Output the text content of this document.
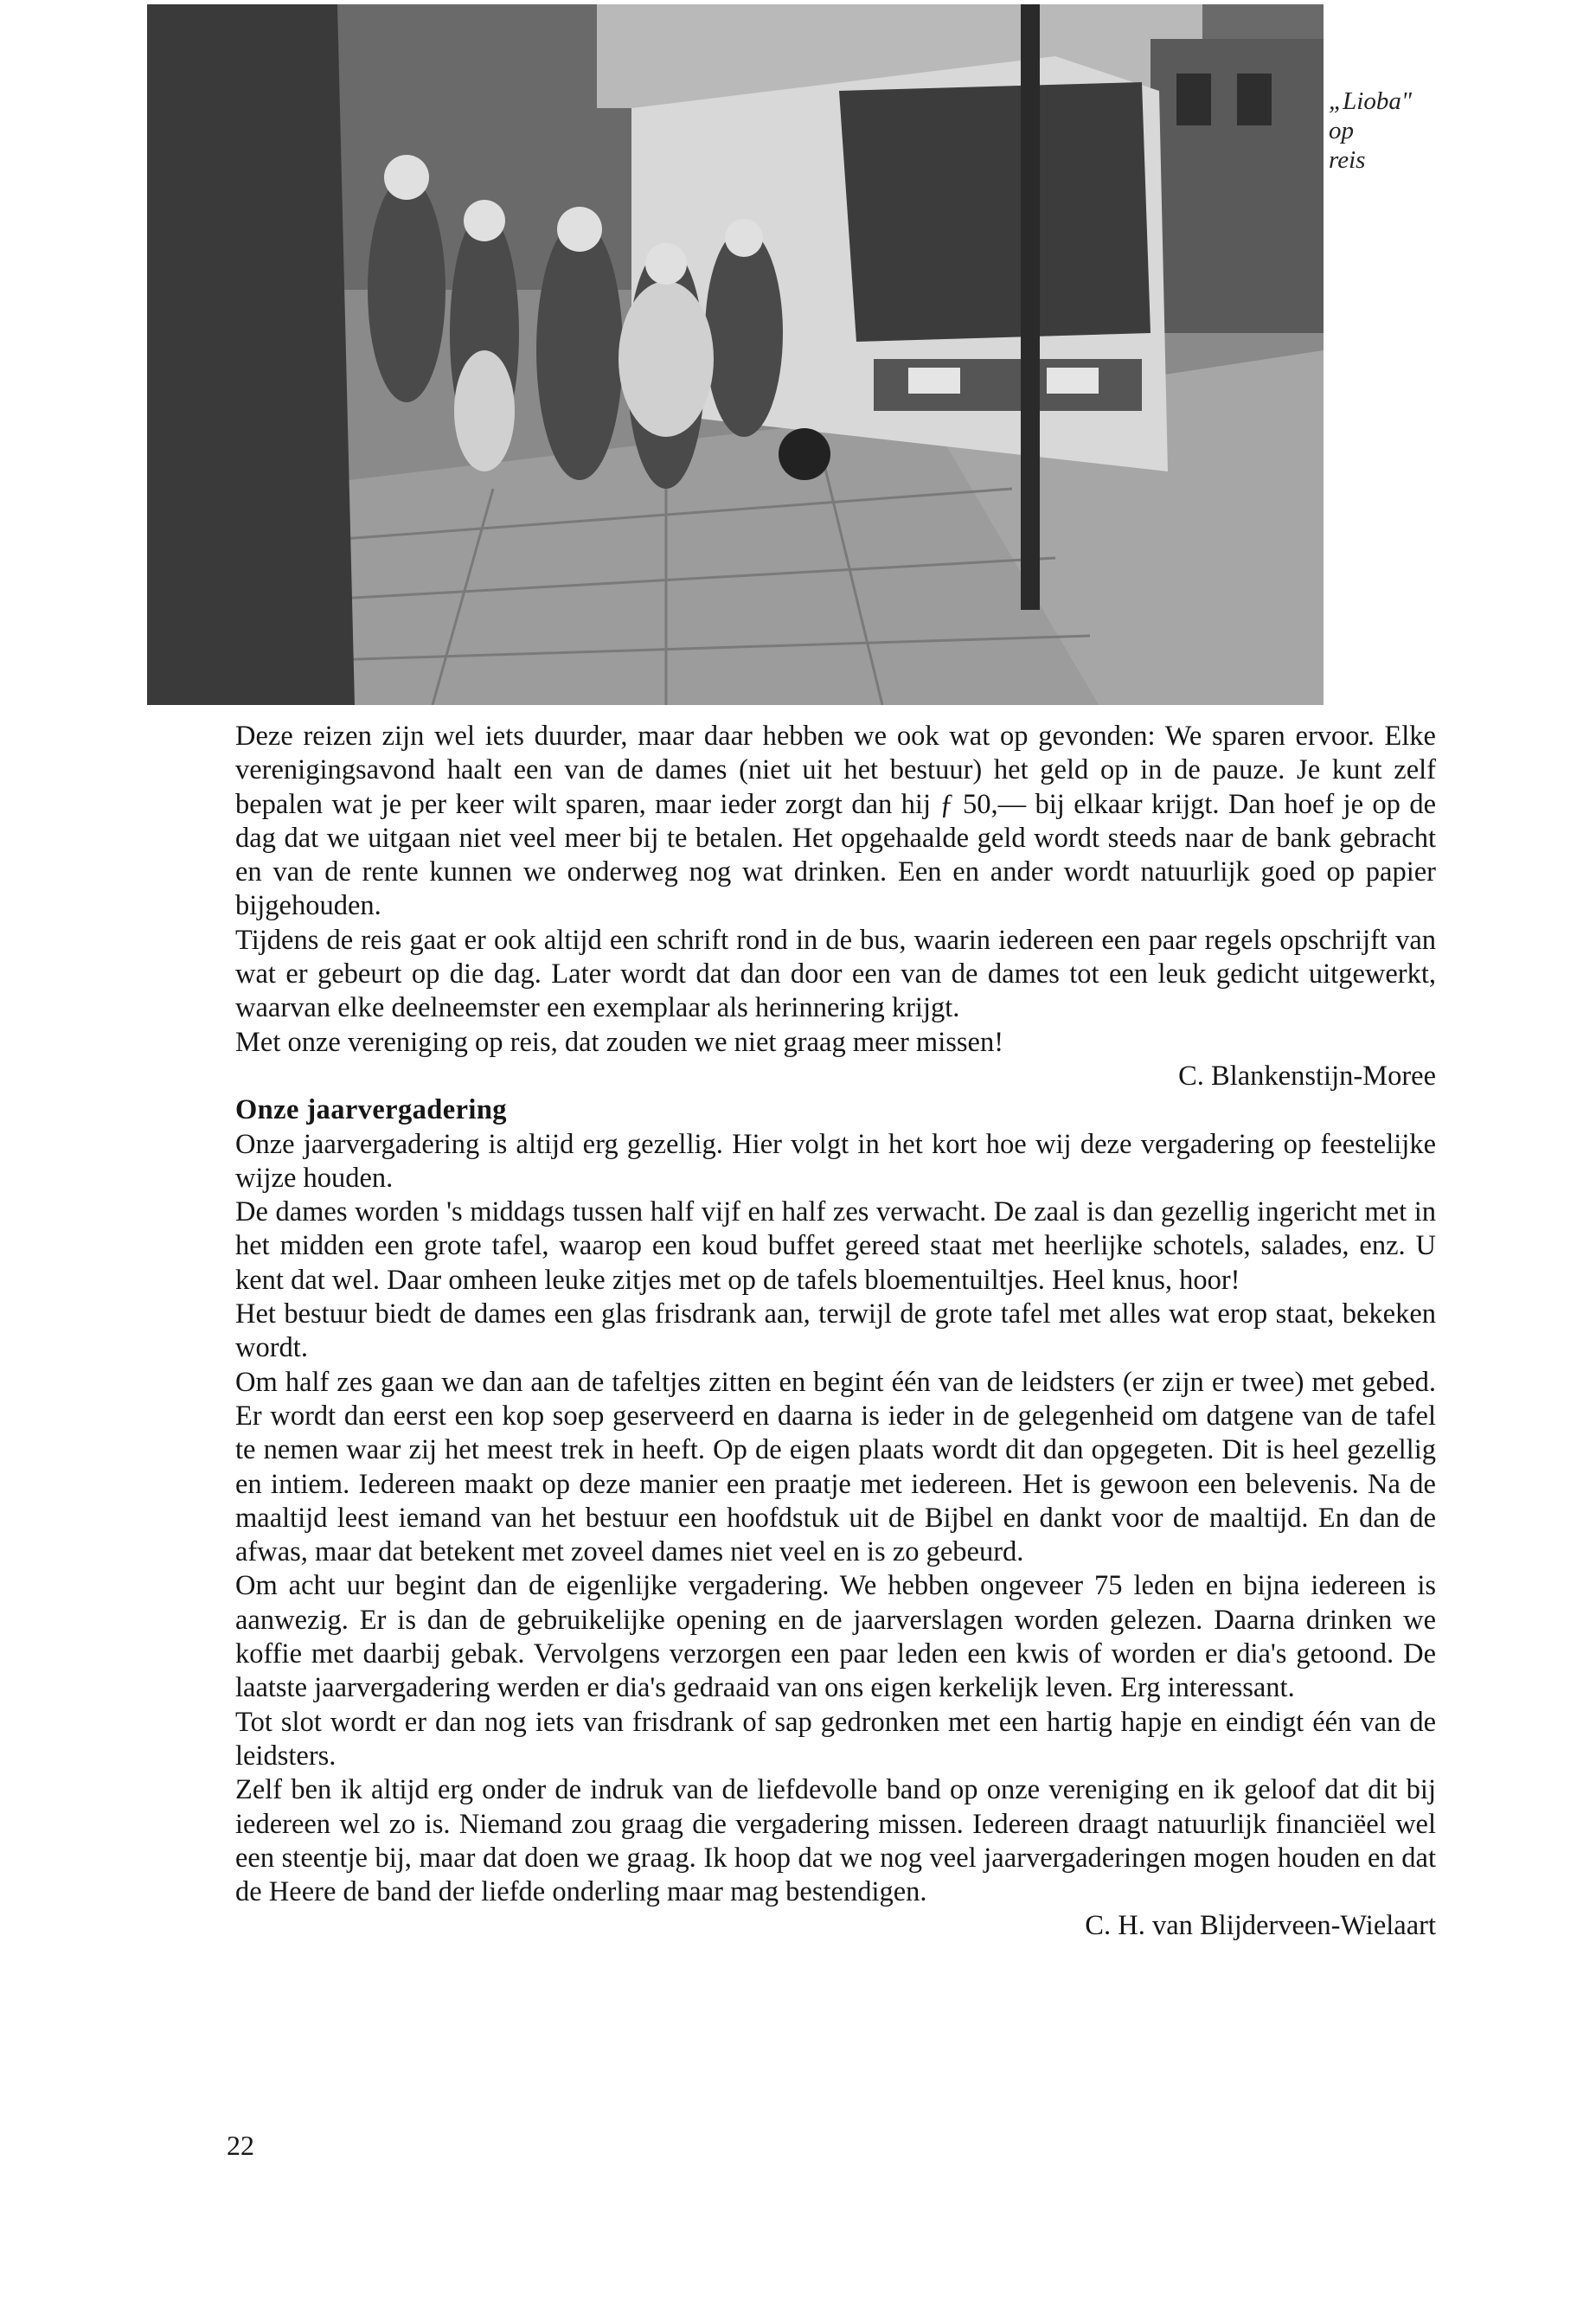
„Lioba"
op
reis

Deze reizen zijn wel iets duurder, maar daar hebben we ook wat op gevonden: We sparen ervoor. Elke verenigingsavond haalt een van de dames (niet uit het bestuur) het geld op in de pauze. Je kunt zelf bepalen wat je per keer wilt sparen, maar ieder zorgt dan hij ƒ 50,— bij elkaar krijgt. Dan hoef je op de dag dat we uitgaan niet veel meer bij te betalen. Het opgehaalde geld wordt steeds naar de bank gebracht en van de rente kunnen we onderweg nog wat drinken. Een en ander wordt natuurlijk goed op papier bijgehouden.

Tijdens de reis gaat er ook altijd een schrift rond in de bus, waarin iedereen een paar regels opschrijft van wat er gebeurt op die dag. Later wordt dat dan door een van de dames tot een leuk gedicht uitgewerkt, waarvan elke deelneemster een exemplaar als herinnering krijgt.

Met onze vereniging op reis, dat zouden we niet graag meer missen!

C. Blankenstijn-Moree

Onze jaarvergadering

Onze jaarvergadering is altijd erg gezellig. Hier volgt in het kort hoe wij deze vergadering op feestelijke wijze houden.

De dames worden 's middags tussen half vijf en half zes verwacht. De zaal is dan gezellig ingericht met in het midden een grote tafel, waarop een koud buffet gereed staat met heerlijke schotels, salades, enz. U kent dat wel. Daar omheen leuke zitjes met op de tafels bloementuiltjes. Heel knus, hoor!

Het bestuur biedt de dames een glas frisdrank aan, terwijl de grote tafel met alles wat erop staat, bekeken wordt.

Om half zes gaan we dan aan de tafeltjes zitten en begint één van de leidsters (er zijn er twee) met gebed. Er wordt dan eerst een kop soep geserveerd en daarna is ieder in de gelegenheid om datgene van de tafel te nemen waar zij het meest trek in heeft. Op de eigen plaats wordt dit dan opgegeten. Dit is heel gezellig en intiem. Iedereen maakt op deze manier een praatje met iedereen. Het is gewoon een belevenis. Na de maaltijd leest iemand van het bestuur een hoofdstuk uit de Bijbel en dankt voor de maaltijd. En dan de afwas, maar dat betekent met zoveel dames niet veel en is zo gebeurd.

Om acht uur begint dan de eigenlijke vergadering. We hebben ongeveer 75 leden en bijna iedereen is aanwezig. Er is dan de gebruikelijke opening en de jaarverslagen worden gelezen. Daarna drinken we koffie met daarbij gebak. Vervolgens verzorgen een paar leden een kwis of worden er dia's getoond. De laatste jaarvergadering werden er dia's gedraaid van ons eigen kerkelijk leven. Erg interessant.

Tot slot wordt er dan nog iets van frisdrank of sap gedronken met een hartig hapje en eindigt één van de leidsters.

Zelf ben ik altijd erg onder de indruk van de liefdevolle band op onze vereniging en ik geloof dat dit bij iedereen wel zo is. Niemand zou graag die vergadering missen. Iedereen draagt natuurlijk financiëel wel een steentje bij, maar dat doen we graag. Ik hoop dat we nog veel jaarvergaderingen mogen houden en dat de Heere de band der liefde onderling maar mag bestendigen.

C. H. van Blijderveen-Wielaart

22
